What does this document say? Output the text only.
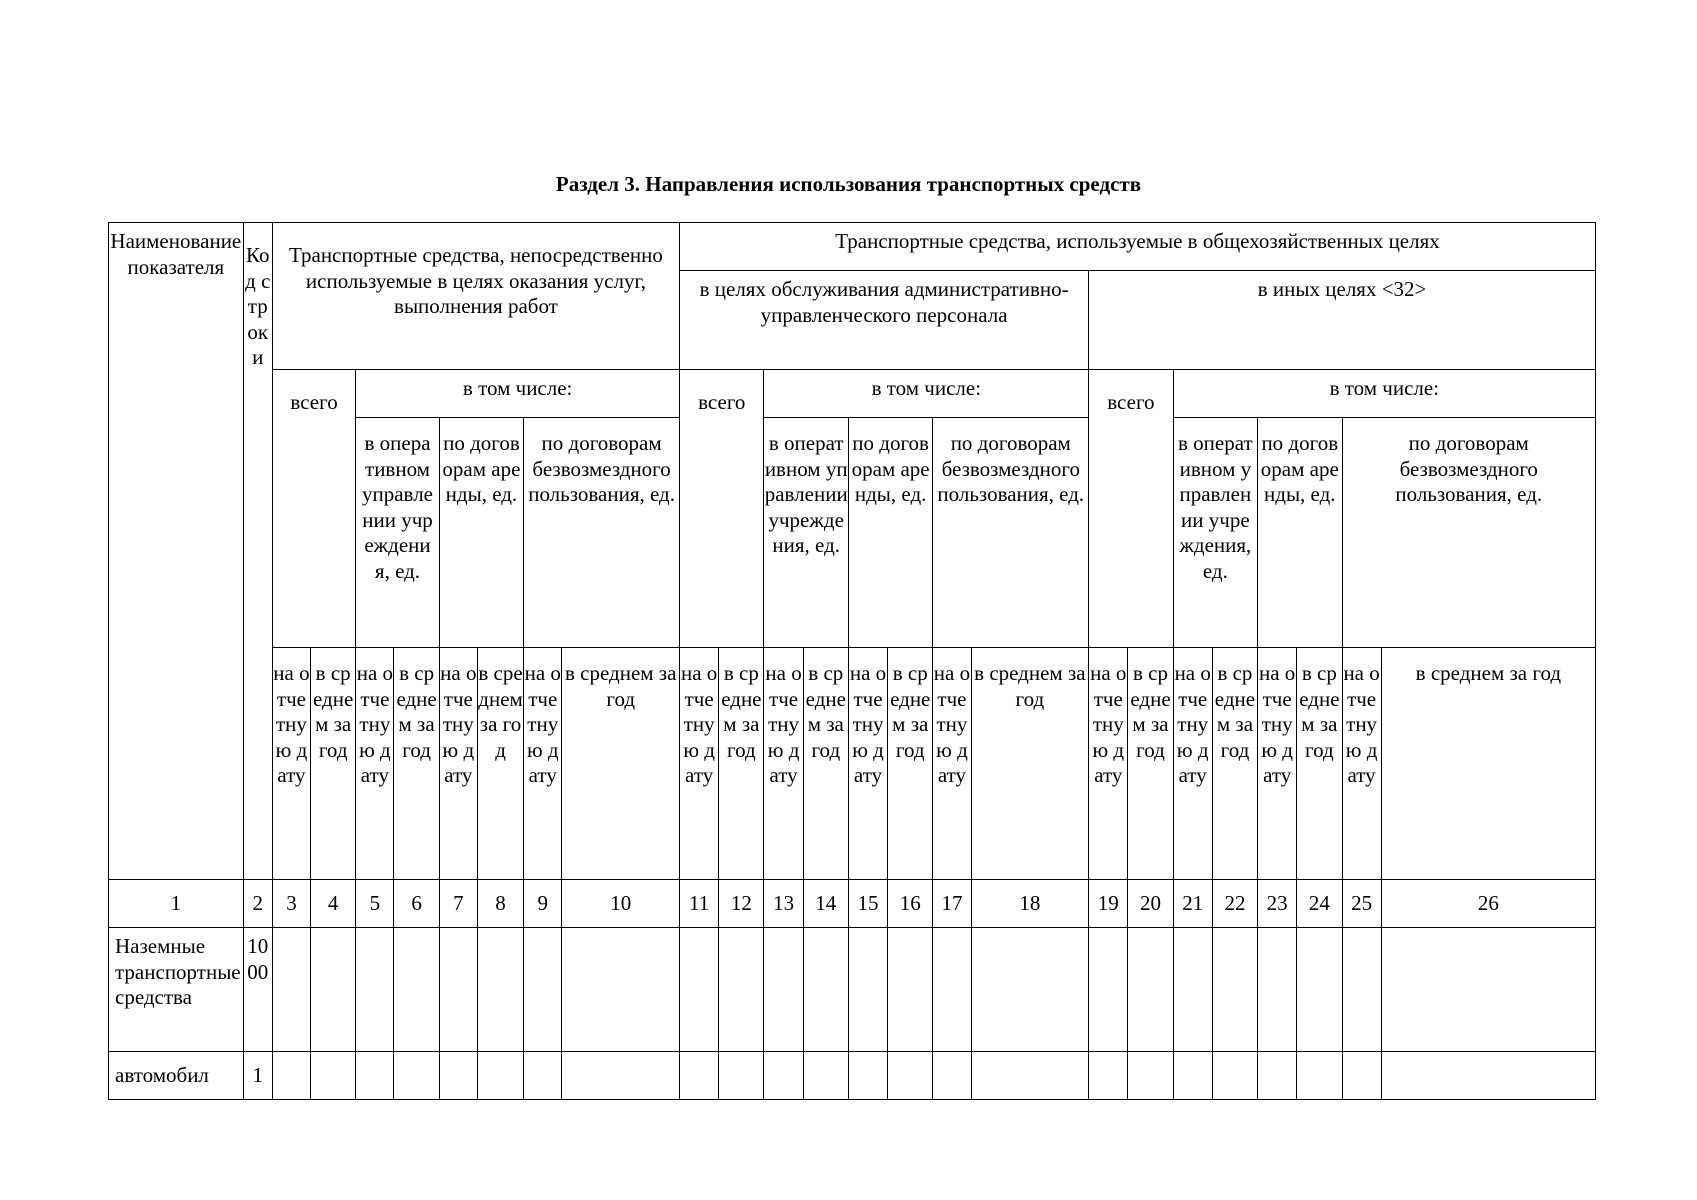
Раздел 3. Направления использования транспортных средств
Наименование показателя	Код строки	Транспортные средства, непосредственно используемые в целях оказания услуг, выполнения работ								Транспортные средства, используемые в общехозяйственных целях															
										в целях обслуживания административно-управленческого персонала								в иных целях <32>							
		всего		в том числе:						всего		в том числе:						всего		в том числе:					
				в оперативном управлении учреждения, ед.		по договорам аренды, ед.		по договорам безвозмездного пользования, ед.				в оперативном управлении учреждения, ед.		по договорам аренды, ед.		по договорам безвозмездного пользования, ед.				в оперативном управлении учреждения, ед.		по договорам аренды, ед.		по договорам безвозмездного пользования, ед.	
		на отчетную дату	в среднем за год	на отчетную дату	в среднем за год	на отчетную дату	в среднем за год	на отчетную дату	в среднем за год	на отчетную дату	в среднем за год	на отчетную дату	в среднем за год	на отчетную дату	в среднем за год	на отчетную дату	в среднем за год	на отчетную дату	в среднем за год	на отчетную дату	в среднем за год	на отчетную дату	в среднем за год	на отчетную дату	в среднем за год
1	2	3	4	5	6	7	8	9	10	11	12	13	14	15	16	17	18	19	20	21	22	23	24	25	26
Наземные транспортные средства	1000																								
автомобил	1																								
